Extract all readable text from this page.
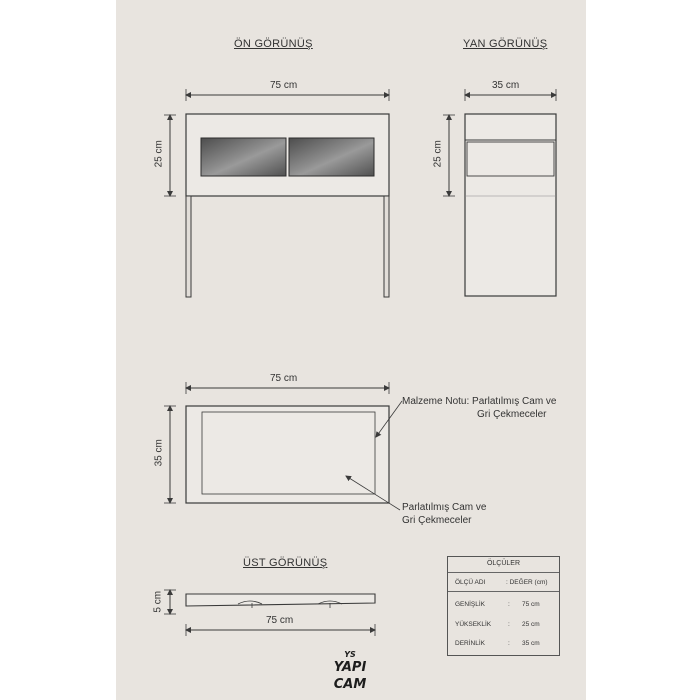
ÖN GÖRÜNÜŞ	YAN GÖRÜNÜŞ
ÜST GÖRÜNÜŞ
75 cm
25 cm
35 cm
25 cm
75 cm
35 cm
5 cm
75 cm
Malzeme Notu: Parlatılmış Cam ve
Gri Çekmeceler
Parlatılmış Cam ve
Gri Çekmeceler
ÖLÇÜLER
ÖLÇÜ ADI	: DEĞER (cm)
GENİŞLİK	: 75 cm
YÜKSEKLİK	: 25 cm
DERİNLİK	: 35 cm
YS
YAPI
CAM
